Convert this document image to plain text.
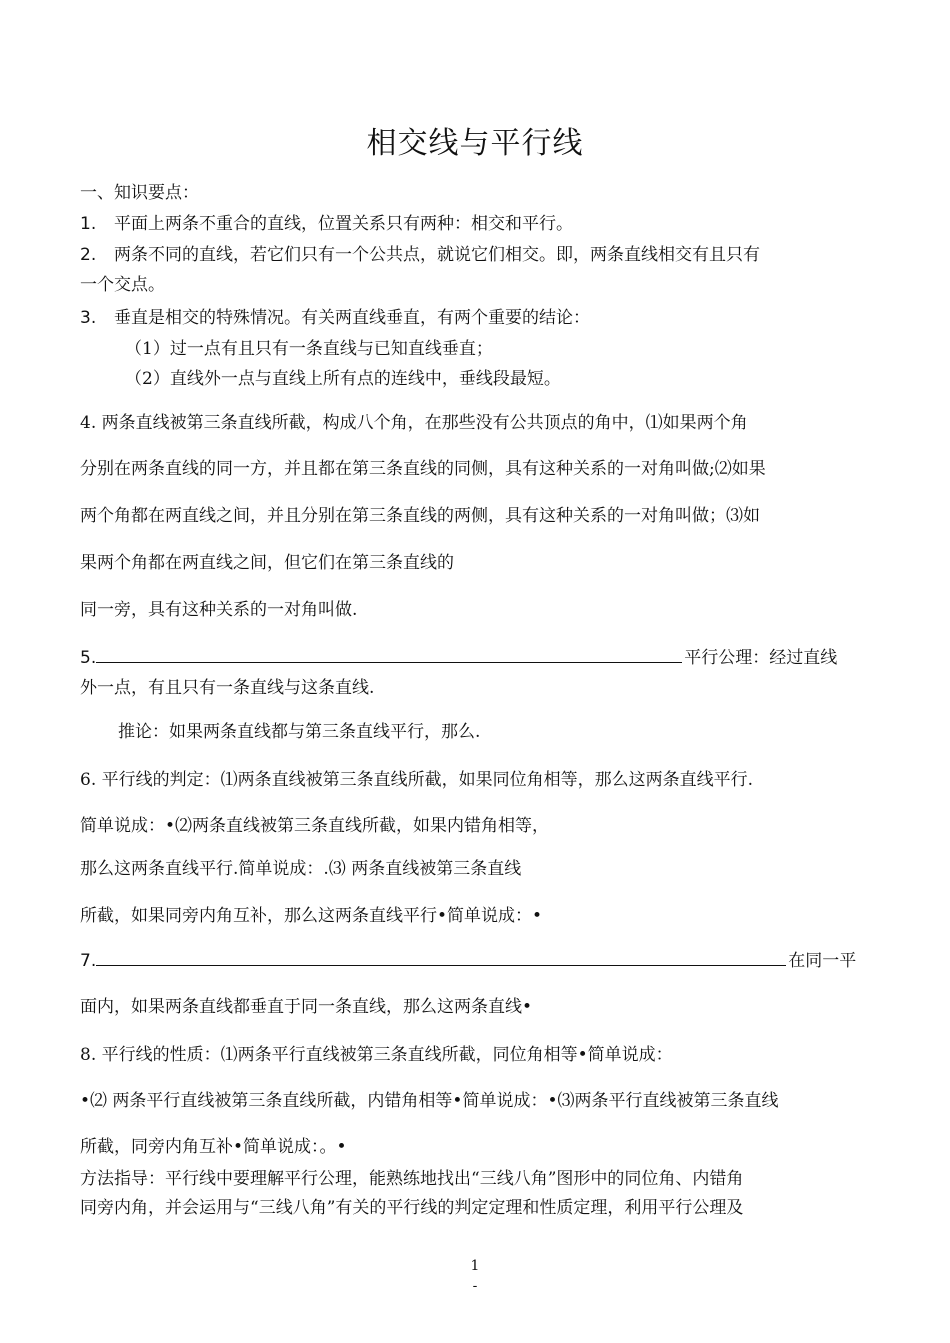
相交线与平行线
一、知识要点：
1. 平面上两条不重合的直线，位置关系只有两种：相交和平行。
2. 两条不同的直线，若它们只有一个公共点，就说它们相交。即，两条直线相交有且只有
一个交点。
3. 垂直是相交的特殊情况。有关两直线垂直，有两个重要的结论：
（1）过一点有且只有一条直线与已知直线垂直；
（2）直线外一点与直线上所有点的连线中，垂线段最短。
4. 两条直线被第三条直线所截，构成八个角，在那些没有公共顶点的角中，⑴如果两个角
分别在两条直线的同一方，并且都在第三条直线的同侧，具有这种关系的一对角叫做;⑵如果
两个角都在两直线之间，并且分别在第三条直线的两侧，具有这种关系的一对角叫做；⑶如
果两个角都在两直线之间，但它们在第三条直线的
同一旁，具有这种关系的一对角叫做.
5.	平行公理：经过直线
外一点，有且只有一条直线与这条直线.
推论：如果两条直线都与第三条直线平行，那么.
6. 平行线的判定：⑴两条直线被第三条直线所截，如果同位角相等，那么这两条直线平行.
简单说成：•⑵两条直线被第三条直线所截，如果内错角相等，
那么这两条直线平行.简单说成：.⑶ 两条直线被第三条直线
所截，如果同旁内角互补，那么这两条直线平行•简单说成：•
7.	在同一平
面内，如果两条直线都垂直于同一条直线，那么这两条直线•
8. 平行线的性质：⑴两条平行直线被第三条直线所截，同位角相等•简单说成：
•⑵ 两条平行直线被第三条直线所截，内错角相等•简单说成：•⑶两条平行直线被第三条直线
所截，同旁内角互补•简单说成：。•
方法指导：平行线中要理解平行公理，能熟练地找出“三线八角”图形中的同位角、内错角
同旁内角，并会运用与“三线八角”有关的平行线的判定定理和性质定理，利用平行公理及
1
-
